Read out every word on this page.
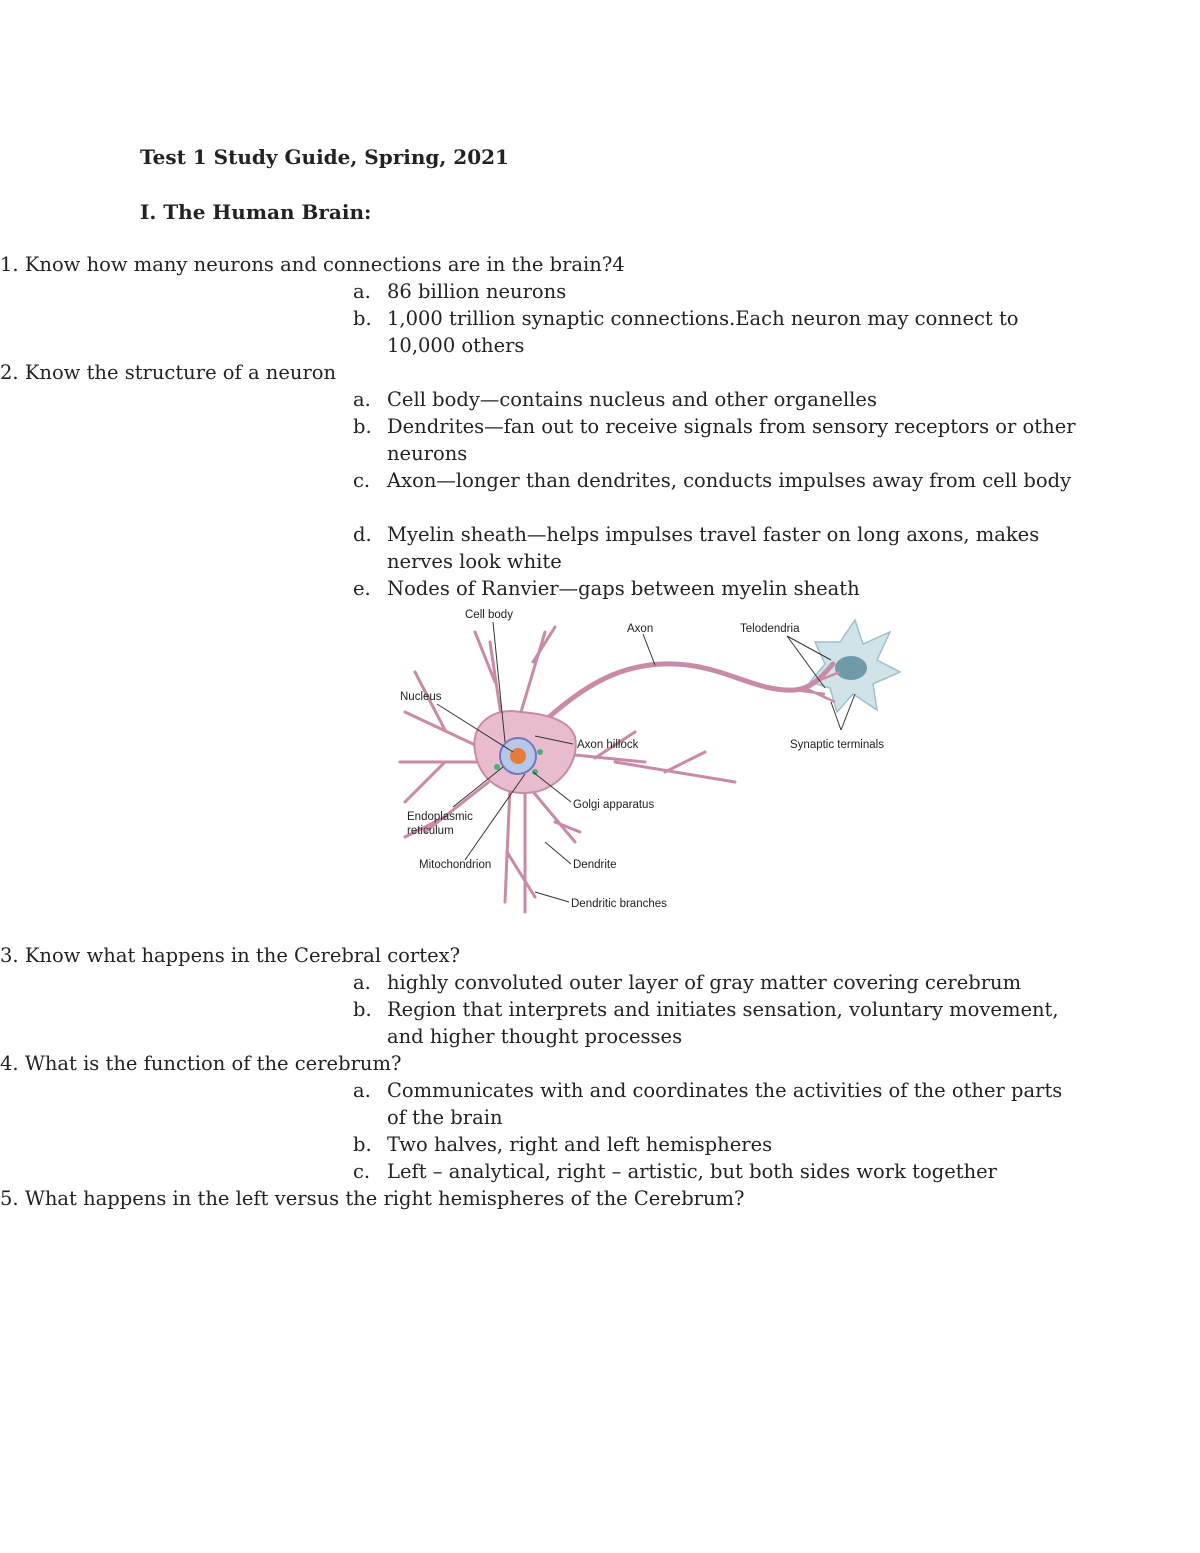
Test 1 Study Guide, Spring, 2021
I. The Human Brain:
1. Know how many neurons and connections are in the brain?4
a. 86 billion neurons
b. 1,000 trillion synaptic connections.Each neuron may connect to 10,000 others
2. Know the structure of a neuron
a. Cell body—contains nucleus and other organelles
b. Dendrites—fan out to receive signals from sensory receptors or other neurons
c. Axon—longer than dendrites, conducts impulses away from cell body
d. Myelin sheath—helps impulses travel faster on long axons, makes nerves look white
e. Nodes of Ranvier—gaps between myelin sheath
Cell body
Axon	Telodendria
Nucleus
Axon hillock	Synaptic terminals
Golgi apparatus
Endoplasmic
reticulum
Mitochondrion	Dendrite
Dendritic branches
3. Know what happens in the Cerebral cortex?
a. highly convoluted outer layer of gray matter covering cerebrum
b. Region that interprets and initiates sensation, voluntary movement, and higher thought processes
4. What is the function of the cerebrum?
a. Communicates with and coordinates the activities of the other parts of the brain
b. Two halves, right and left hemispheres
c. Left – analytical, right – artistic, but both sides work together
5. What happens in the left versus the right hemispheres of the Cerebrum?
